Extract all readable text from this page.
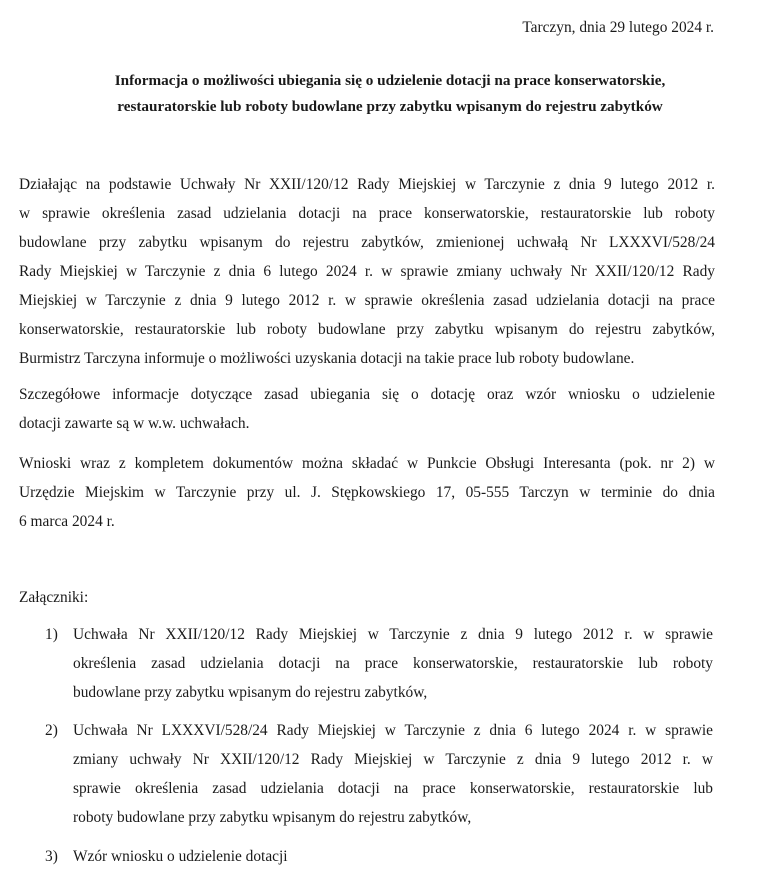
Tarczyn, dnia 29 lutego 2024 r.
Informacja o możliwości ubiegania się o udzielenie dotacji na prace konserwatorskie,
restauratorskie lub roboty budowlane przy zabytku wpisanym do rejestru zabytków
Działając na podstawie Uchwały Nr XXII/120/12 Rady Miejskiej w Tarczynie z dnia 9 lutego 2012 r.
w sprawie określenia zasad udzielania dotacji na prace konserwatorskie, restauratorskie lub roboty
budowlane przy zabytku wpisanym do rejestru zabytków, zmienionej uchwałą Nr LXXXVI/528/24
Rady Miejskiej w Tarczynie z dnia 6 lutego 2024 r. w sprawie zmiany uchwały Nr XXII/120/12 Rady
Miejskiej w Tarczynie z dnia 9 lutego 2012 r. w sprawie określenia zasad udzielania dotacji na prace
konserwatorskie, restauratorskie lub roboty budowlane przy zabytku wpisanym do rejestru zabytków,
Burmistrz Tarczyna informuje o możliwości uzyskania dotacji na takie prace lub roboty budowlane.
Szczegółowe informacje dotyczące zasad ubiegania się o dotację oraz wzór wniosku o udzielenie
dotacji zawarte są w w.w. uchwałach.
Wnioski wraz z kompletem dokumentów można składać w Punkcie Obsługi Interesanta (pok. nr 2) w
Urzędzie Miejskim w Tarczynie przy ul. J. Stępkowskiego 17, 05-555 Tarczyn w terminie do dnia
6 marca 2024 r.
Załączniki:
1) Uchwała Nr XXII/120/12 Rady Miejskiej w Tarczynie z dnia 9 lutego 2012 r. w sprawie
określenia zasad udzielania dotacji na prace konserwatorskie, restauratorskie lub roboty
budowlane przy zabytku wpisanym do rejestru zabytków,
2) Uchwała Nr LXXXVI/528/24 Rady Miejskiej w Tarczynie z dnia 6 lutego 2024 r. w sprawie
zmiany uchwały Nr XXII/120/12 Rady Miejskiej w Tarczynie z dnia 9 lutego 2012 r. w
sprawie określenia zasad udzielania dotacji na prace konserwatorskie, restauratorskie lub
roboty budowlane przy zabytku wpisanym do rejestru zabytków,
3) Wzór wniosku o udzielenie dotacji
